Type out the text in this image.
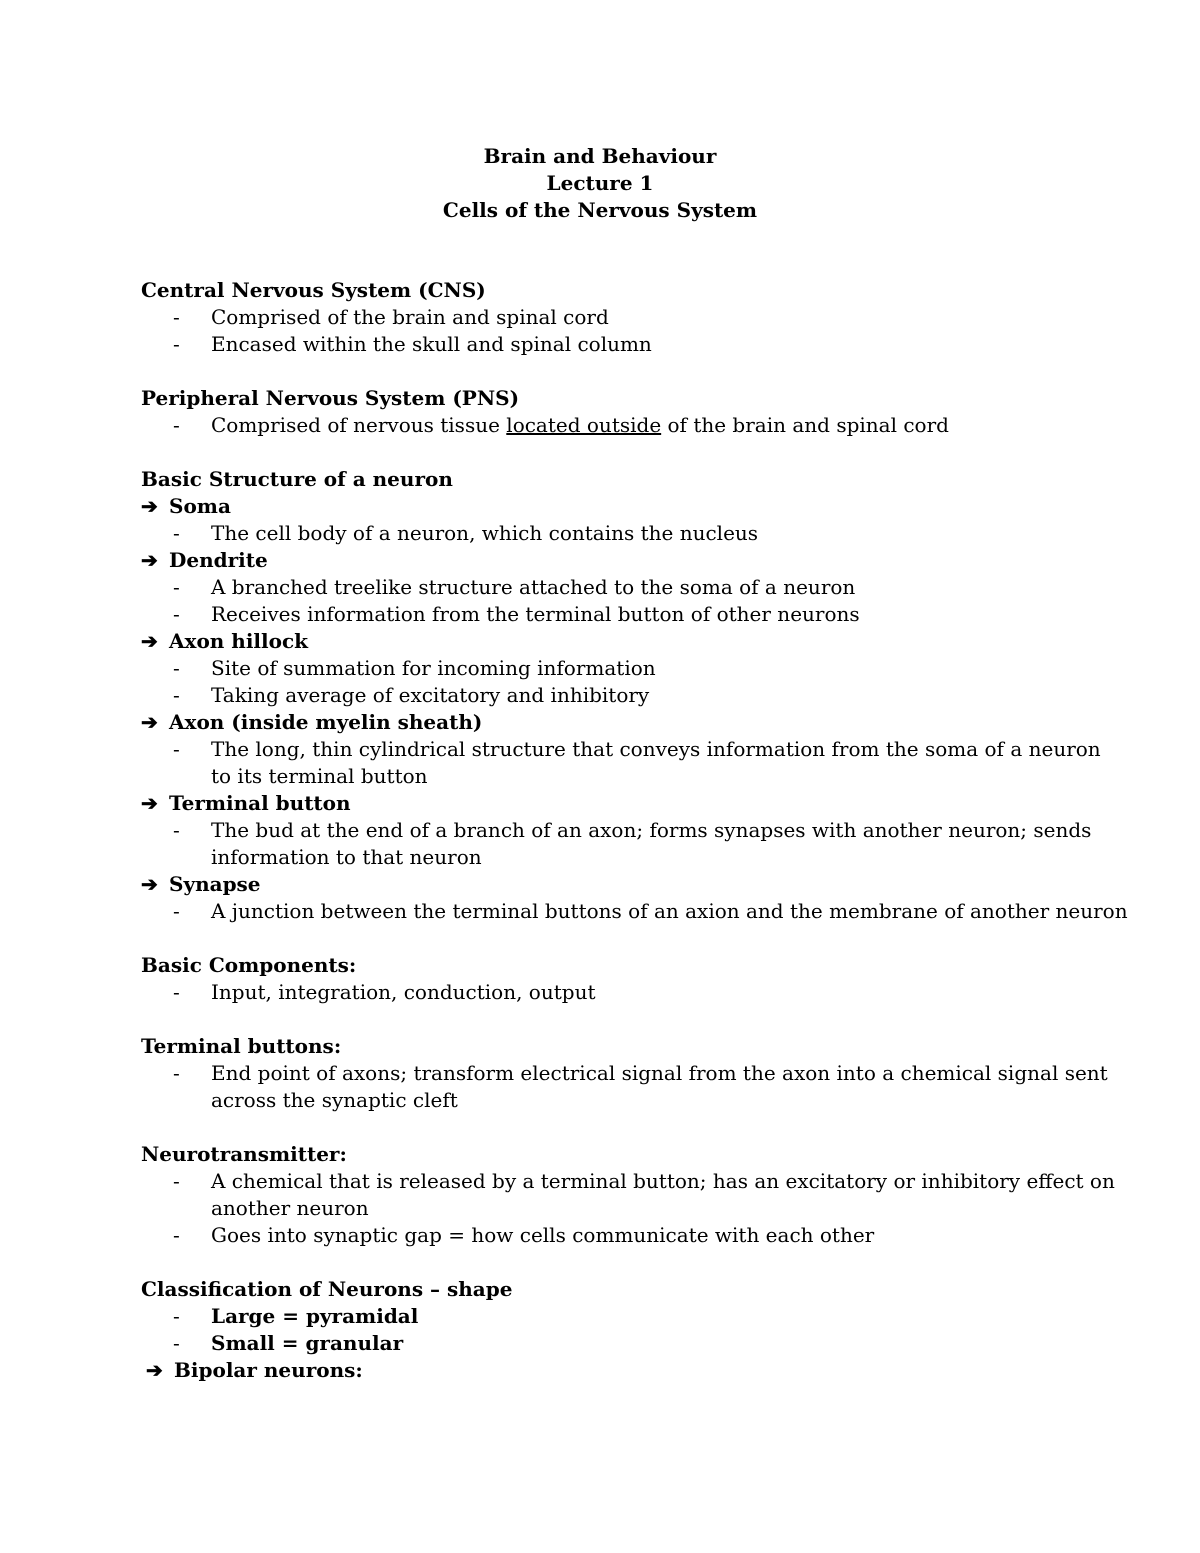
Brain and Behaviour
Lecture 1
Cells of the Nervous System
Central Nervous System (CNS)
- Comprised of the brain and spinal cord
- Encased within the skull and spinal column
Peripheral Nervous System (PNS)
- Comprised of nervous tissue located outside of the brain and spinal cord
Basic Structure of a neuron
➔ Soma
- The cell body of a neuron, which contains the nucleus
➔ Dendrite
- A branched treelike structure attached to the soma of a neuron
- Receives information from the terminal button of other neurons
➔ Axon hillock
- Site of summation for incoming information
- Taking average of excitatory and inhibitory
➔ Axon (inside myelin sheath)
- The long, thin cylindrical structure that conveys information from the soma of a neuron
to its terminal button
➔ Terminal button
- The bud at the end of a branch of an axon; forms synapses with another neuron; sends
information to that neuron
➔ Synapse
- A junction between the terminal buttons of an axion and the membrane of another neuron
Basic Components:
- Input, integration, conduction, output
Terminal buttons:
- End point of axons; transform electrical signal from the axon into a chemical signal sent
across the synaptic cleft
Neurotransmitter:
- A chemical that is released by a terminal button; has an excitatory or inhibitory effect on
another neuron
- Goes into synaptic gap = how cells communicate with each other
Classification of Neurons – shape
- Large = pyramidal
- Small = granular
➔ Bipolar neurons:
